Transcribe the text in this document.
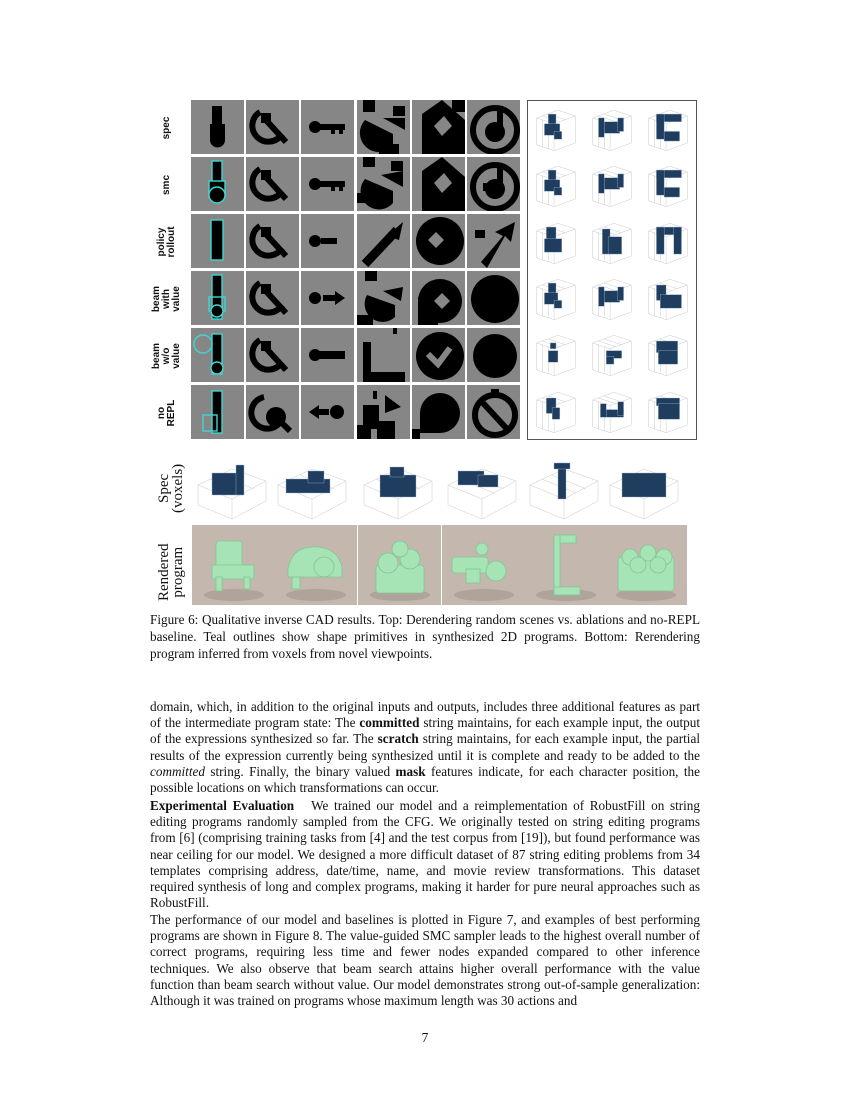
spec
smc
policy
rollout
beam
with
value
beam
w/o
value
no
REPL
Spec
(voxels)
Rendered
program
Figure 6: Qualitative inverse CAD results. Top: Derendering random scenes vs. ablations and no-REPL baseline. Teal outlines show shape primitives in synthesized 2D programs. Bottom: Rerendering program inferred from voxels from novel viewpoints.

domain, which, in addition to the original inputs and outputs, includes three additional features as part of the intermediate program state: The committed string maintains, for each example input, the output of the expressions synthesized so far. The scratch string maintains, for each example input, the partial results of the expression currently being synthesized until it is complete and ready to be added to the committed string. Finally, the binary valued mask features indicate, for each character position, the possible locations on which transformations can occur.

Experimental Evaluation We trained our model and a reimplementation of RobustFill on string editing programs randomly sampled from the CFG. We originally tested on string editing programs from [6] (comprising training tasks from [4] and the test corpus from [19]), but found performance was near ceiling for our model. We designed a more difficult dataset of 87 string editing problems from 34 templates comprising address, date/time, name, and movie review transformations. This dataset required synthesis of long and complex programs, making it harder for pure neural approaches such as RobustFill.

The performance of our model and baselines is plotted in Figure 7, and examples of best performing programs are shown in Figure 8. The value-guided SMC sampler leads to the highest overall number of correct programs, requiring less time and fewer nodes expanded compared to other inference techniques. We also observe that beam search attains higher overall performance with the value function than beam search without value. Our model demonstrates strong out-of-sample generalization: Although it was trained on programs whose maximum length was 30 actions and

7
